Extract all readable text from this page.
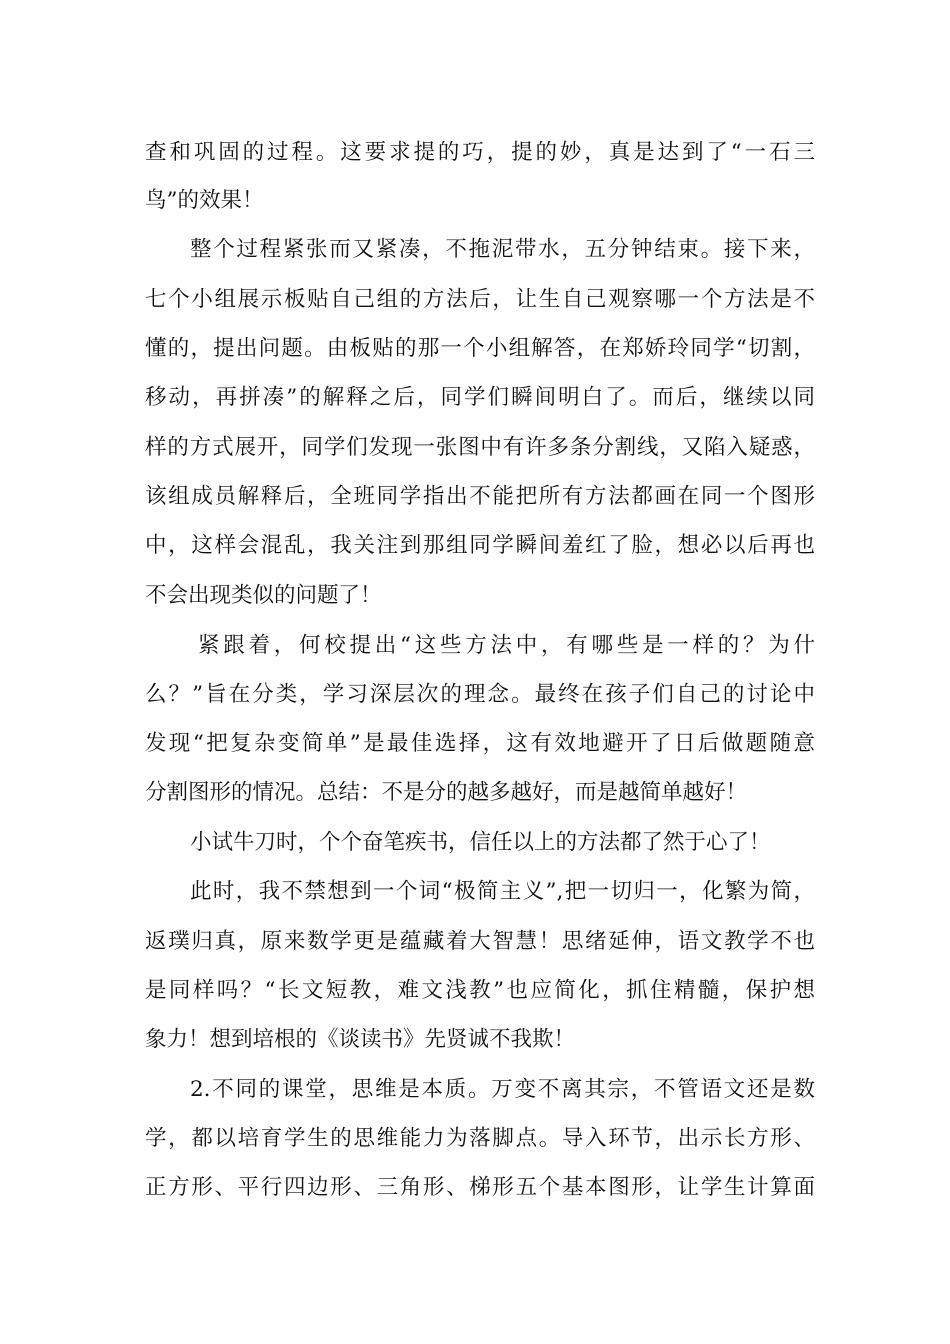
查和巩固的过程。这要求提的巧，提的妙，真是达到了“一石三
鸟”的效果！
整个过程紧张而又紧凑，不拖泥带水，五分钟结束。接下来，
七个小组展示板贴自己组的方法后，让生自己观察哪一个方法是不
懂的，提出问题。由板贴的那一个小组解答，在郑娇玲同学“切割，
移动，再拼凑”的解释之后，同学们瞬间明白了。而后，继续以同
样的方式展开，同学们发现一张图中有许多条分割线，又陷入疑惑，
该组成员解释后，全班同学指出不能把所有方法都画在同一个图形
中，这样会混乱，我关注到那组同学瞬间羞红了脸，想必以后再也
不会出现类似的问题了！
紧跟着，何校提出“这些方法中，有哪些是一样的？为什
么？”旨在分类，学习深层次的理念。最终在孩子们自己的讨论中
发现“把复杂变简单”是最佳选择，这有效地避开了日后做题随意
分割图形的情况。总结：不是分的越多越好，而是越简单越好！
小试牛刀时，个个奋笔疾书，信任以上的方法都了然于心了！
此时，我不禁想到一个词“极简主义”,把一切归一，化繁为简，
返璞归真，原来数学更是蕴藏着大智慧！思绪延伸，语文教学不也
是同样吗？“长文短教，难文浅教”也应简化，抓住精髓，保护想
象力！想到培根的《谈读书》先贤诚不我欺！
2.不同的课堂，思维是本质。万变不离其宗，不管语文还是数
学，都以培育学生的思维能力为落脚点。导入环节，出示长方形、
正方形、平行四边形、三角形、梯形五个基本图形，让学生计算面
